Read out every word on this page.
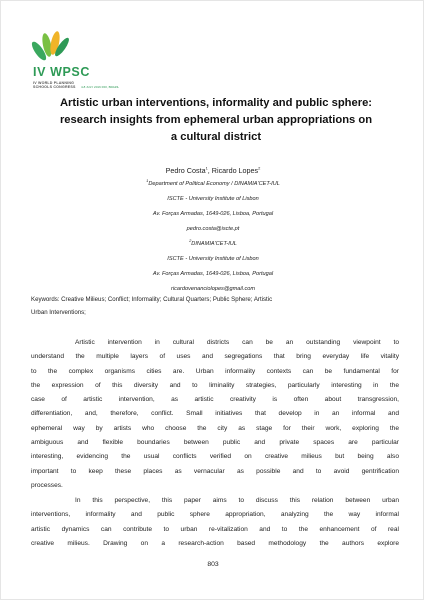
IV WPSC
IV WORLD PLANNING
SCHOOLS CONGRESS 4-8 JULY 2016 RIO, BRAZIL
Artistic urban interventions, informality and public sphere:
research insights from ephemeral urban appropriations on
a cultural district
Pedro Costa$^1$, Ricardo Lopes$^2$
$^1$Department of Political Economy / DINAMIA'CET-IUL
ISCTE - University Institute of Lisbon
Av. Forças Armadas, 1649-026, Lisboa, Portugal
pedro.costa@iscte.pt
$^2$DINAMIA'CET-IUL
ISCTE - University Institute of Lisbon
Av. Forças Armadas, 1649-026, Lisboa, Portugal
ricardovenanciolopes@gmail.com
Keywords: Creative Milieus; Conflict; Informality; Cultural Quarters; Public Sphere; Artistic
Urban Interventions;
Artistic intervention in cultural districts can be an outstanding viewpoint to
understand the multiple layers of uses and segregations that bring everyday life vitality
to the complex organisms cities are. Urban informality contexts can be fundamental for
the expression of this diversity and to liminality strategies, particularly interesting in the
case of artistic intervention, as artistic creativity is often about transgression,
differentiation, and, therefore, conflict. Small initiatives that develop in an informal and
ephemeral way by artists who choose the city as stage for their work, exploring the
ambiguous and flexible boundaries between public and private spaces are particular
interesting, evidencing the usual conflicts verified on creative milieus but being also
important to keep these places as vernacular as possible and to avoid gentrification
processes.
In this perspective, this paper aims to discuss this relation between urban
interventions, informality and public sphere appropriation, analyzing the way informal
artistic dynamics can contribute to urban re-vitalization and to the enhancement of real
creative milieus. Drawing on a research-action based methodology the authors explore
803
